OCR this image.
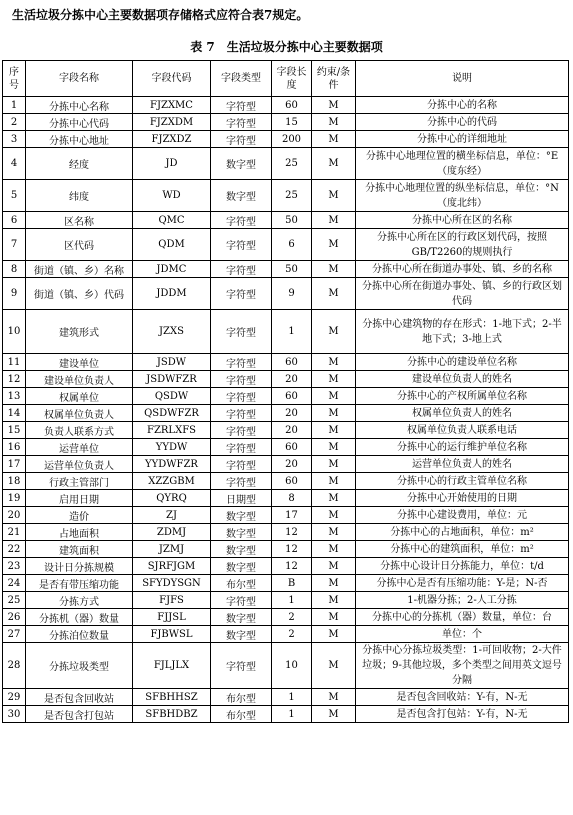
生活垃圾分拣中心主要数据项存储格式应符合表7规定。
表 7　生活垃圾分拣中心主要数据项
序号	字段名称	字段代码	字段类型	字段长度	约束/条件	说明
1	分拣中心名称	FJZXMC	字符型	60	M	分拣中心的名称
2	分拣中心代码	FJZXDM	字符型	15	M	分拣中心的代码
3	分拣中心地址	FJZXDZ	字符型	200	M	分拣中心的详细地址
4	经度	JD	数字型	25	M	分拣中心地理位置的横坐标信息，单位：°E（度东经）
5	纬度	WD	数字型	25	M	分拣中心地理位置的纵坐标信息，单位：°N（度北纬）
6	区名称	QMC	字符型	50	M	分拣中心所在区的名称
7	区代码	QDM	字符型	6	M	分拣中心所在区的行政区划代码，按照GB/T2260的规则执行
8	街道（镇、乡）名称	JDMC	字符型	50	M	分拣中心所在街道办事处、镇、乡的名称
9	街道（镇、乡）代码	JDDM	字符型	9	M	分拣中心所在街道办事处、镇、乡的行政区划代码
10	建筑形式	JZXS	字符型	1	M	分拣中心建筑物的存在形式：1-地下式；2-半地下式；3-地上式
11	建设单位	JSDW	字符型	60	M	分拣中心的建设单位名称
12	建设单位负责人	JSDWFZR	字符型	20	M	建设单位负责人的姓名
13	权属单位	QSDW	字符型	60	M	分拣中心的产权所属单位名称
14	权属单位负责人	QSDWFZR	字符型	20	M	权属单位负责人的姓名
15	负责人联系方式	FZRLXFS	字符型	20	M	权属单位负责人联系电话
16	运营单位	YYDW	字符型	60	M	分拣中心的运行维护单位名称
17	运营单位负责人	YYDWFZR	字符型	20	M	运营单位负责人的姓名
18	行政主管部门	XZZGBM	字符型	60	M	分拣中心的行政主管单位名称
19	启用日期	QYRQ	日期型	8	M	分拣中心开始使用的日期
20	造价	ZJ	数字型	17	M	分拣中心建设费用，单位：元
21	占地面积	ZDMJ	数字型	12	M	分拣中心的占地面积，单位：m²
22	建筑面积	JZMJ	数字型	12	M	分拣中心的建筑面积，单位：m²
23	设计日分拣规模	SJRFJGM	数字型	12	M	分拣中心设计日分拣能力，单位：t/d
24	是否有带压缩功能	SFYDYSGN	布尔型	B	M	分拣中心是否有压缩功能：Y-是；N-否
25	分拣方式	FJFS	字符型	1	M	1-机器分拣；2-人工分拣
26	分拣机（器）数量	FJJSL	数字型	2	M	分拣中心的分拣机（器）数量，单位：台
27	分拣泊位数量	FJBWSL	数字型	2	M	单位：个
28	分拣垃圾类型	FJLJLX	字符型	10	M	分拣中心分拣垃圾类型：1-可回收物；2-大件垃圾；9-其他垃圾，多个类型之间用英文逗号分隔
29	是否包含回收站	SFBHHSZ	布尔型	1	M	是否包含回收站：Y-有，N-无
30	是否包含打包站	SFBHDBZ	布尔型	1	M	是否包含打包站：Y-有，N-无
